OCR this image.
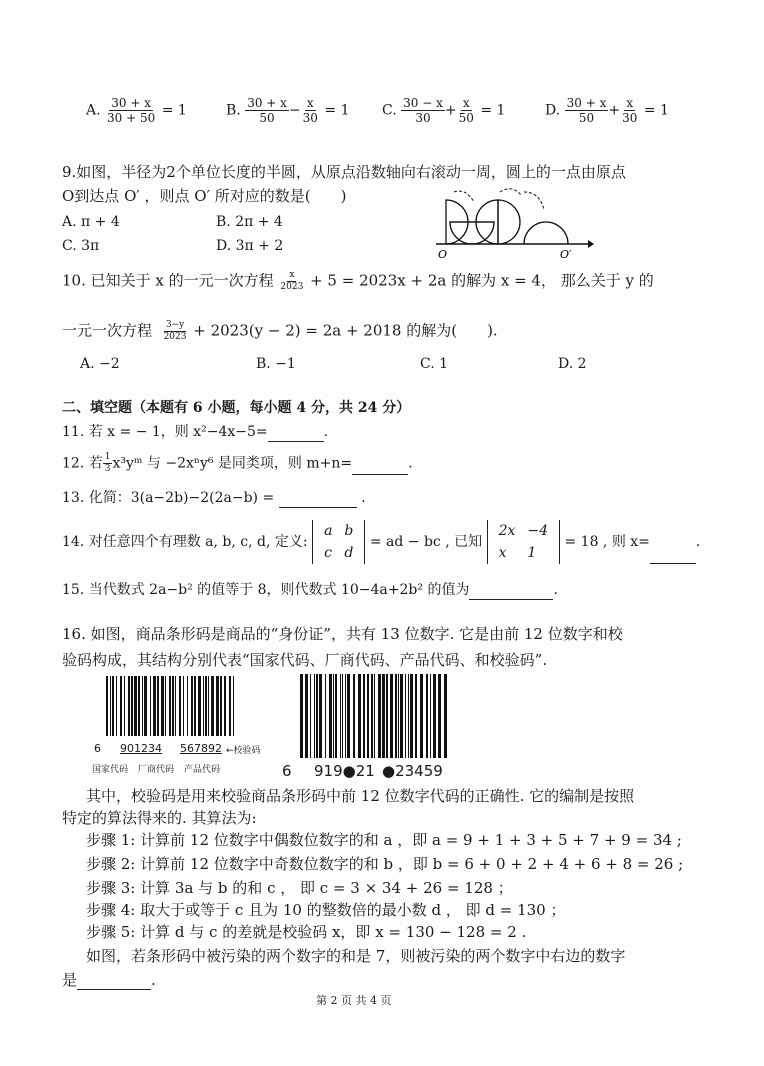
A. $\frac{30 + x}{30 + 50} = 1$	B. $\frac{30 + x}{50} - \frac{x}{30} = 1$ C. $\frac{30 - x}{30} + \frac{x}{50} = 1$	D. $\frac{30 + x}{50} + \frac{x}{30} = 1$
9.如图，半径为2个单位长度的半圆，从原点沿数轴向右滚动一周，圆上的一点由原点
O到达点 O′ ，则点 O′ 所对应的数是(　　)
A. π + 4	B. 2π + 4
C. 3π	D. 3π + 2
O	O′
10. 已知关于 x 的一元一次方程 $\frac{x}{2023} + 5 = 2023x + 2a$ 的解为 x = 4， 那么关于 y 的
一元一次方程 $\frac{3-y}{2023} + 2023(y - 2) = 2a + 2018$ 的解为(　　).
A. −2	B. −1	C. 1	D. 2
二、填空题（本题有 6 小题，每小题 4 分，共 24 分）
11. 若 x = − 1，则 x²−4x−5=	.
12. 若 $\frac{1}{3}$ x³yᵐ 与 −2xⁿy⁶ 是同类项，则 m+n=	.
13. 化简：3(a−2b)−2(2a−b) =	.
14. 对任意四个有理数 a, b, c, d, 定义:
a	b
c	d
= ad − bc , 已知
2x	−4
x	1
= 18 , 则 x=	.
15. 当代数式 2a−b² 的值等于 8，则代数式 10−4a+2b² 的值为	.
16. 如图，商品条形码是商品的“身份证”，共有 13 位数字. 它是由前 12 位数字和校
验码构成，其结构分别代表“国家代码、厂商代码、产品代码、和校验码”.
6 901234 567892 ←校验码
国家代码 厂商代码 产品代码	6 919●21 ●23459
其中，校验码是用来校验商品条形码中前 12 位数字代码的正确性. 它的编制是按照
特定的算法得来的. 其算法为:
步骤 1: 计算前 12 位数字中偶数位数字的和 a ，即 a = 9 + 1 + 3 + 5 + 7 + 9 = 34 ;
步骤 2: 计算前 12 位数字中奇数位数字的和 b ，即 b = 6 + 0 + 2 + 4 + 6 + 8 = 26 ;
步骤 3: 计算 3a 与 b 的和 c ， 即 c = 3 × 34 + 26 = 128 ；
步骤 4: 取大于或等于 c 且为 10 的整数倍的最小数 d ， 即 d = 130 ；
步骤 5: 计算 d 与 c 的差就是校验码 x，即 x = 130 − 128 = 2 .
如图，若条形码中被污染的两个数字的和是 7，则被污染的两个数字中右边的数字
是	.
第 2 页 共 4 页
